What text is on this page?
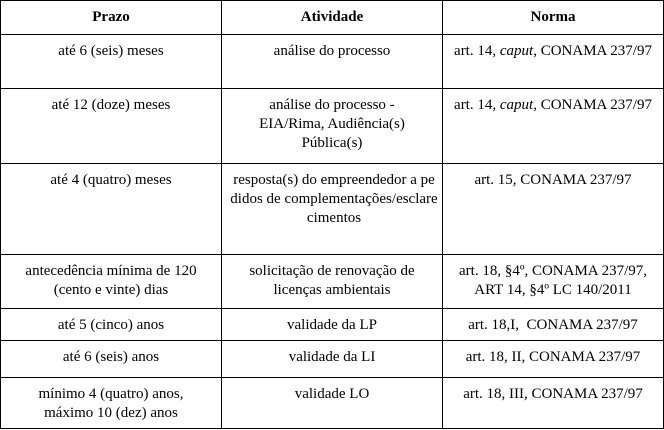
Prazo	Atividade	Norma

até 6 (seis) meses	análise do processo	art. 14, caput, CONAMA 237/97

até 12 (doze) meses	análise do processo - EIA/Rima, Audiência(s) Pública(s)	art. 14, caput, CONAMA 237/97

até 4 (quatro) meses	resposta(s) do empreendedor a pedidos de complementações/esclarecimentos	art. 15, CONAMA 237/97

antecedência mínima de 120 (cento e vinte) dias	solicitação de renovação de licenças ambientais	art. 18, §4º, CONAMA 237/97,
ART 14, §4º LC 140/2011

até 5 (cinco) anos	validade da LP	art. 18,I,  CONAMA 237/97

até 6 (seis) anos	validade da LI	art. 18, II, CONAMA 237/97

mínimo 4 (quatro) anos, máximo 10 (dez) anos	validade LO	art. 18, III, CONAMA 237/97
